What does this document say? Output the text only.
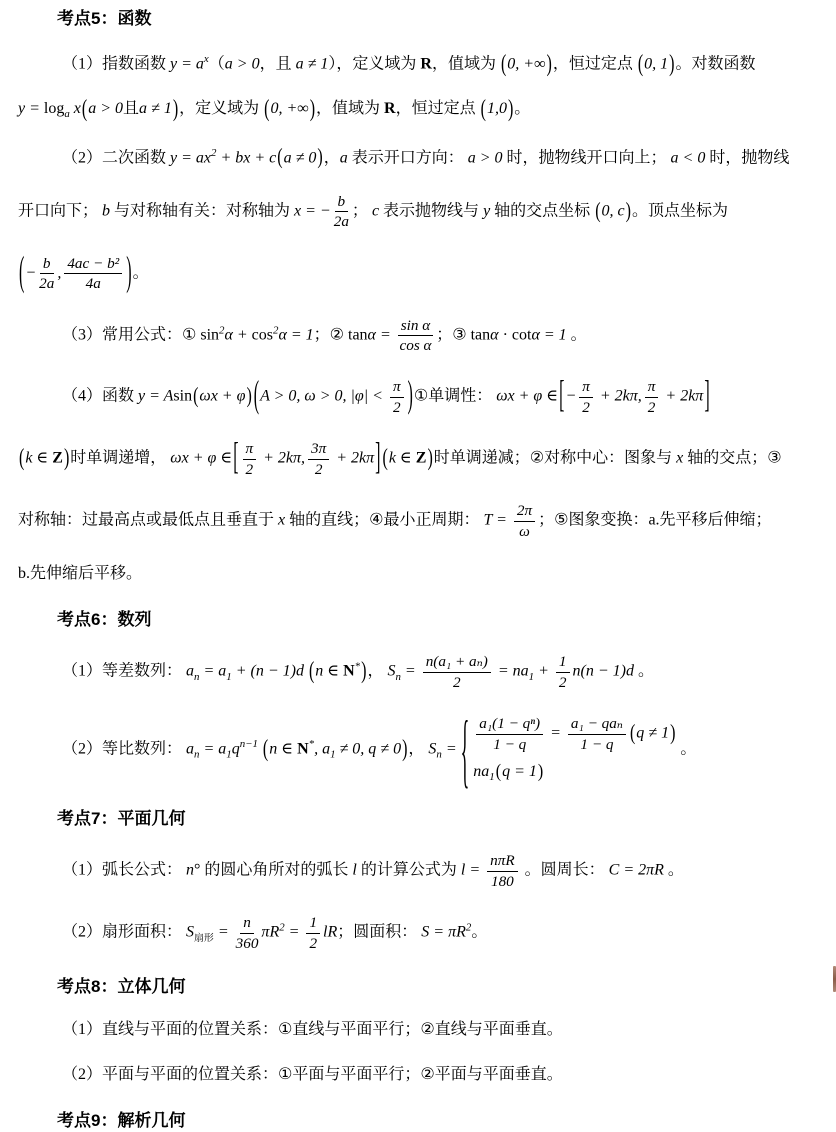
考点5：函数
（1）指数函数 $y = a^x(a > 0$，且 a ≠ 1），定义域为 R，值域为 (0, +∞)，恒过定点 (0, 1)。对数函数
$y = \log_a x(a > 0$且a ≠ 1)，定义域为 (0, +∞)，值域为 R，恒过定点 (1,0)。
（2）二次函数 $y = ax^2$ + bx + c(a ≠ 0)，a 表示开口方向： a > 0 时，抛物线开口向上； a < 0 时，抛物线
开口向下； b 与对称轴有关：对称轴为 x = − $\frac{b}{2a}$ ； c 表示抛物线与 y 轴的交点坐标 (0, c)。顶点坐标为
(− $\frac{b}{2a}$ , $\frac{\text{4ac − b²}}{4a}$ )。
（3）常用公式：① $\sin^2\alpha + \cos^2\alpha = 1$；② $\tan\alpha = \frac{\text{sin α}}{\text{cos α}}$ ；③ tanα · cotα = 1 。
（4）函数 y = Asin(ωx + φ) (A > 0, ω > 0, $|\varphi| < \frac{\pi}{2}$ )①单调性： ωx + φ ∈[− $\frac{\pi}{2} + 2k\pi$, $\frac{\pi}{2} + 2k\pi$]
(k ∈ Z)时单调递增， ωx + φ ∈[ $\frac{\pi}{2} + 2k\pi$, $\frac{3\pi}{2} + 2k\pi$] (k ∈ Z)时单调递减；②对称中心：图象与 x 轴的交点；③
对称轴：过最高点或最低点且垂直于 x 轴的直线；④最小正周期： $T = \frac{2\pi}{\omega}$ ；⑤图象变换：a.先平移后伸缩；
b.先伸缩后平移。
考点6：数列
（1）等差数列： $a_n = a_1 + (n - 1)d$ (n ∈ N*)， $S_n = \frac{\text{n(a₁ + aₙ)}}{2} = na_1 + \frac{1}{2} n(n - 1)d$ 。
（2）等比数列： $a_n = a_1q^{n-1}$ (n ∈ N*, $a_1 \ne 0$, q ≠ 0)， $S_n$ = { $\frac{\text{a₁(1 − qⁿ)}}{1 - q} = \frac{\text{a₁ − qaₙ}}{1 - q} (q \ne 1)$
$na_1(q = 1)$
。
考点7：平面几何
（1）弧长公式： n° 的圆心角所对的弧长 l 的计算公式为 $l = \frac{\text{nπR}}{180}$ 。圆周长： C = 2πR 。
（2）扇形面积： $S_{扇形} = \frac{n}{360} \pi R^2 = \frac{1}{2}$ lR；圆面积： $S = \pi R^2$。
考点8：立体几何
（1）直线与平面的位置关系：①直线与平面平行；②直线与平面垂直。
（2）平面与平面的位置关系：①平面与平面平行；②平面与平面垂直。
考点9：解析几何
